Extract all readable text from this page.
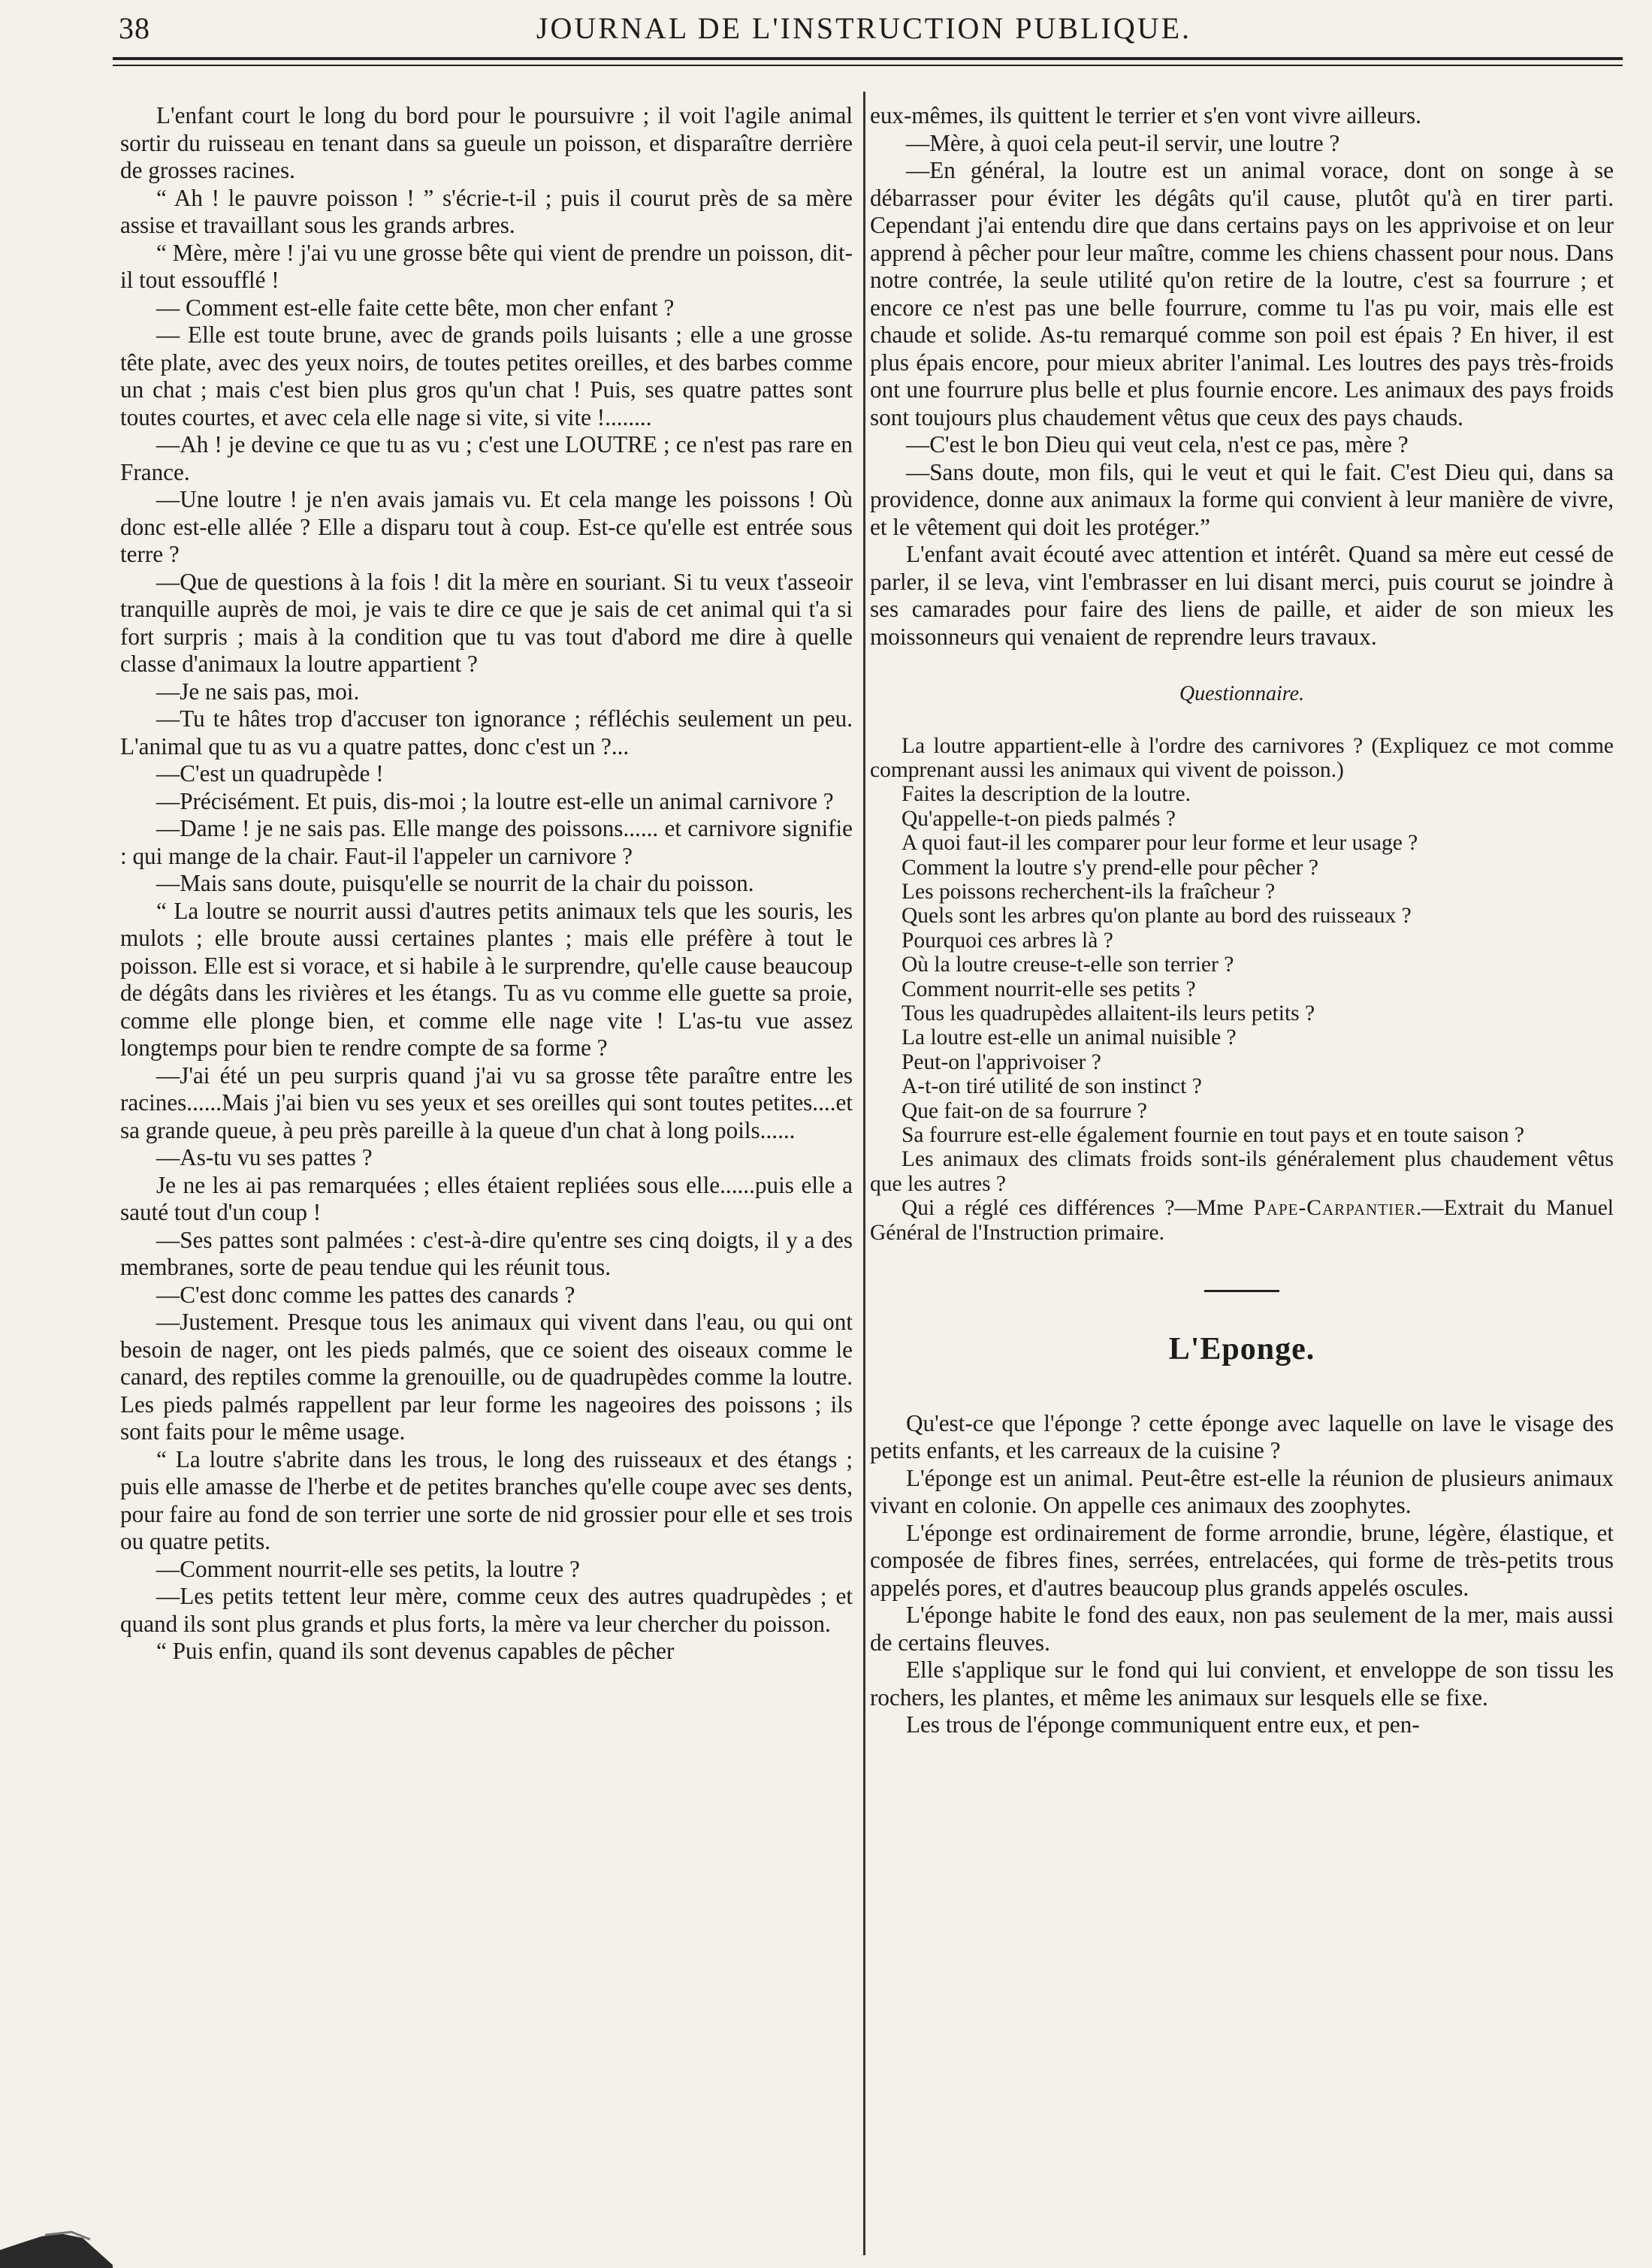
38	JOURNAL DE L'INSTRUCTION PUBLIQUE.

L'enfant court le long du bord pour le poursuivre ; il voit l'agile animal sortir du ruisseau en tenant dans sa gueule un poisson, et disparaître derrière de grosses racines.

“ Ah ! le pauvre poisson ! ” s'écrie-t-il ; puis il courut près de sa mère assise et travaillant sous les grands arbres.

“ Mère, mère ! j'ai vu une grosse bête qui vient de prendre un poisson, dit-il tout essoufflé !

— Comment est-elle faite cette bête, mon cher enfant ?

— Elle est toute brune, avec de grands poils luisants ; elle a une grosse tête plate, avec des yeux noirs, de toutes petites oreilles, et des barbes comme un chat ; mais c'est bien plus gros qu'un chat ! Puis, ses quatre pattes sont toutes courtes, et avec cela elle nage si vite, si vite !........

—Ah ! je devine ce que tu as vu ; c'est une LOUTRE ; ce n'est pas rare en France.

—Une loutre ! je n'en avais jamais vu. Et cela mange les poissons ! Où donc est-elle allée ? Elle a disparu tout à coup. Est-ce qu'elle est entrée sous terre ?

—Que de questions à la fois ! dit la mère en souriant. Si tu veux t'asseoir tranquille auprès de moi, je vais te dire ce que je sais de cet animal qui t'a si fort surpris ; mais à la condition que tu vas tout d'abord me dire à quelle classe d'animaux la loutre appartient ?

—Je ne sais pas, moi.

—Tu te hâtes trop d'accuser ton ignorance ; réfléchis seulement un peu. L'animal que tu as vu a quatre pattes, donc c'est un ?...

—C'est un quadrupède !

—Précisément. Et puis, dis-moi ; la loutre est-elle un animal carnivore ?

—Dame ! je ne sais pas. Elle mange des poissons...... et carnivore signifie : qui mange de la chair. Faut-il l'appeler un carnivore ?

—Mais sans doute, puisqu'elle se nourrit de la chair du poisson.

“ La loutre se nourrit aussi d'autres petits animaux tels que les souris, les mulots ; elle broute aussi certaines plantes ; mais elle préfère à tout le poisson. Elle est si vorace, et si habile à le surprendre, qu'elle cause beaucoup de dégâts dans les rivières et les étangs. Tu as vu comme elle guette sa proie, comme elle plonge bien, et comme elle nage vite ! L'as-tu vue assez longtemps pour bien te rendre compte de sa forme ?

—J'ai été un peu surpris quand j'ai vu sa grosse tête paraître entre les racines......Mais j'ai bien vu ses yeux et ses oreilles qui sont toutes petites....et sa grande queue, à peu près pareille à la queue d'un chat à long poils......

—As-tu vu ses pattes ?

Je ne les ai pas remarquées ; elles étaient repliées sous elle......puis elle a sauté tout d'un coup !

—Ses pattes sont palmées : c'est-à-dire qu'entre ses cinq doigts, il y a des membranes, sorte de peau tendue qui les réunit tous.

—C'est donc comme les pattes des canards ?

—Justement. Presque tous les animaux qui vivent dans l'eau, ou qui ont besoin de nager, ont les pieds palmés, que ce soient des oiseaux comme le canard, des reptiles comme la grenouille, ou de quadrupèdes comme la loutre. Les pieds palmés rappellent par leur forme les nageoires des poissons ; ils sont faits pour le même usage.

“ La loutre s'abrite dans les trous, le long des ruisseaux et des étangs ; puis elle amasse de l'herbe et de petites branches qu'elle coupe avec ses dents, pour faire au fond de son terrier une sorte de nid grossier pour elle et ses trois ou quatre petits.

—Comment nourrit-elle ses petits, la loutre ?

—Les petits tettent leur mère, comme ceux des autres quadrupèdes ; et quand ils sont plus grands et plus forts, la mère va leur chercher du poisson.

“ Puis enfin, quand ils sont devenus capables de pêcher

eux-mêmes, ils quittent le terrier et s'en vont vivre ailleurs.

—Mère, à quoi cela peut-il servir, une loutre ?

—En général, la loutre est un animal vorace, dont on songe à se débarrasser pour éviter les dégâts qu'il cause, plutôt qu'à en tirer parti. Cependant j'ai entendu dire que dans certains pays on les apprivoise et on leur apprend à pêcher pour leur maître, comme les chiens chassent pour nous. Dans notre contrée, la seule utilité qu'on retire de la loutre, c'est sa fourrure ; et encore ce n'est pas une belle fourrure, comme tu l'as pu voir, mais elle est chaude et solide. As-tu remarqué comme son poil est épais ? En hiver, il est plus épais encore, pour mieux abriter l'animal. Les loutres des pays très-froids ont une fourrure plus belle et plus fournie encore. Les animaux des pays froids sont toujours plus chaudement vêtus que ceux des pays chauds.

—C'est le bon Dieu qui veut cela, n'est ce pas, mère ?

—Sans doute, mon fils, qui le veut et qui le fait. C'est Dieu qui, dans sa providence, donne aux animaux la forme qui convient à leur manière de vivre, et le vêtement qui doit les protéger.”

L'enfant avait écouté avec attention et intérêt. Quand sa mère eut cessé de parler, il se leva, vint l'embrasser en lui disant merci, puis courut se joindre à ses camarades pour faire des liens de paille, et aider de son mieux les moissonneurs qui venaient de reprendre leurs travaux.

Questionnaire.

La loutre appartient-elle à l'ordre des carnivores ? (Expliquez ce mot comme comprenant aussi les animaux qui vivent de poisson.)

Faites la description de la loutre.

Qu'appelle-t-on pieds palmés ?

A quoi faut-il les comparer pour leur forme et leur usage ?

Comment la loutre s'y prend-elle pour pêcher ?

Les poissons recherchent-ils la fraîcheur ?

Quels sont les arbres qu'on plante au bord des ruisseaux ?

Pourquoi ces arbres là ?

Où la loutre creuse-t-elle son terrier ?

Comment nourrit-elle ses petits ?

Tous les quadrupèdes allaitent-ils leurs petits ?

La loutre est-elle un animal nuisible ?

Peut-on l'apprivoiser ?

A-t-on tiré utilité de son instinct ?

Que fait-on de sa fourrure ?

Sa fourrure est-elle également fournie en tout pays et en toute saison ?

Les animaux des climats froids sont-ils généralement plus chaudement vêtus que les autres ?

Qui a réglé ces différences ?—Mme Pape-Carpantier.—Extrait du Manuel Général de l'Instruction primaire.

L'Eponge.

Qu'est-ce que l'éponge ? cette éponge avec laquelle on lave le visage des petits enfants, et les carreaux de la cuisine ?

L'éponge est un animal. Peut-être est-elle la réunion de plusieurs animaux vivant en colonie. On appelle ces animaux des zoophytes.

L'éponge est ordinairement de forme arrondie, brune, légère, élastique, et composée de fibres fines, serrées, entrelacées, qui forme de très-petits trous appelés pores, et d'autres beaucoup plus grands appelés oscules.

L'éponge habite le fond des eaux, non pas seulement de la mer, mais aussi de certains fleuves.

Elle s'applique sur le fond qui lui convient, et enveloppe de son tissu les rochers, les plantes, et même les animaux sur lesquels elle se fixe.

Les trous de l'éponge communiquent entre eux, et pen-
